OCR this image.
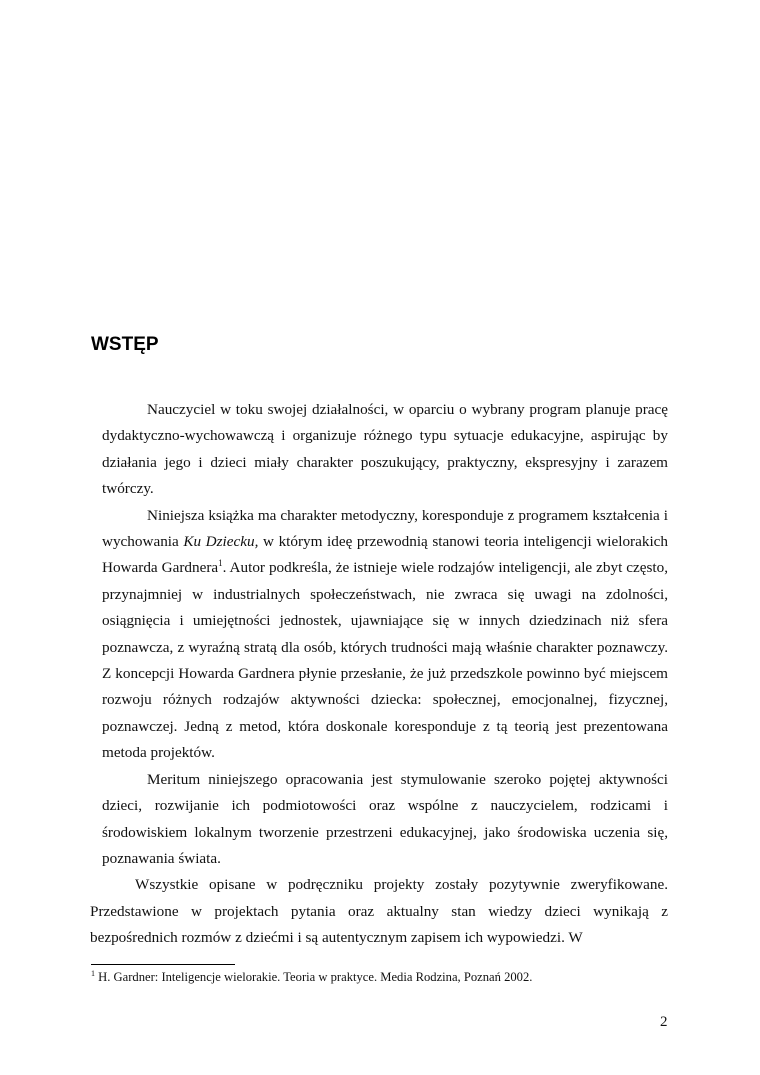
WSTĘP

Nauczyciel w toku swojej działalności, w oparciu o wybrany program planuje pracę dydaktyczno-wychowawczą i organizuje różnego typu sytuacje edukacyjne, aspirując by działania jego i dzieci miały charakter poszukujący, praktyczny, ekspresyjny i zarazem twórczy.

Niniejsza książka ma charakter metodyczny, koresponduje z programem kształcenia i wychowania Ku Dziecku, w którym ideę przewodnią stanowi teoria inteligencji wielorakich Howarda Gardnera$^1$. Autor podkreśla, że istnieje wiele rodzajów inteligencji, ale zbyt często, przynajmniej w industrialnych społeczeństwach, nie zwraca się uwagi na zdolności, osiągnięcia i umiejętności jednostek, ujawniające się w innych dziedzinach niż sfera poznawcza, z wyraźną stratą dla osób, których trudności mają właśnie charakter poznawczy. Z koncepcji Howarda Gardnera płynie przesłanie, że już przedszkole powinno być miejscem rozwoju różnych rodzajów aktywności dziecka: społecznej, emocjonalnej, fizycznej, poznawczej. Jedną z metod, która doskonale koresponduje z tą teorią jest prezentowana metoda projektów.

Meritum niniejszego opracowania jest stymulowanie szeroko pojętej aktywności dzieci, rozwijanie ich podmiotowości oraz wspólne z nauczycielem, rodzicami i środowiskiem lokalnym tworzenie przestrzeni edukacyjnej, jako środowiska uczenia się, poznawania świata.

Wszystkie opisane w podręczniku projekty zostały pozytywnie zweryfikowane. Przedstawione w projektach pytania oraz aktualny stan wiedzy dzieci wynikają z bezpośrednich rozmów z dziećmi i są autentycznym zapisem ich wypowiedzi. W

$^1$ H. Gardner: Inteligencje wielorakie. Teoria w praktyce. Media Rodzina, Poznań 2002.
2
